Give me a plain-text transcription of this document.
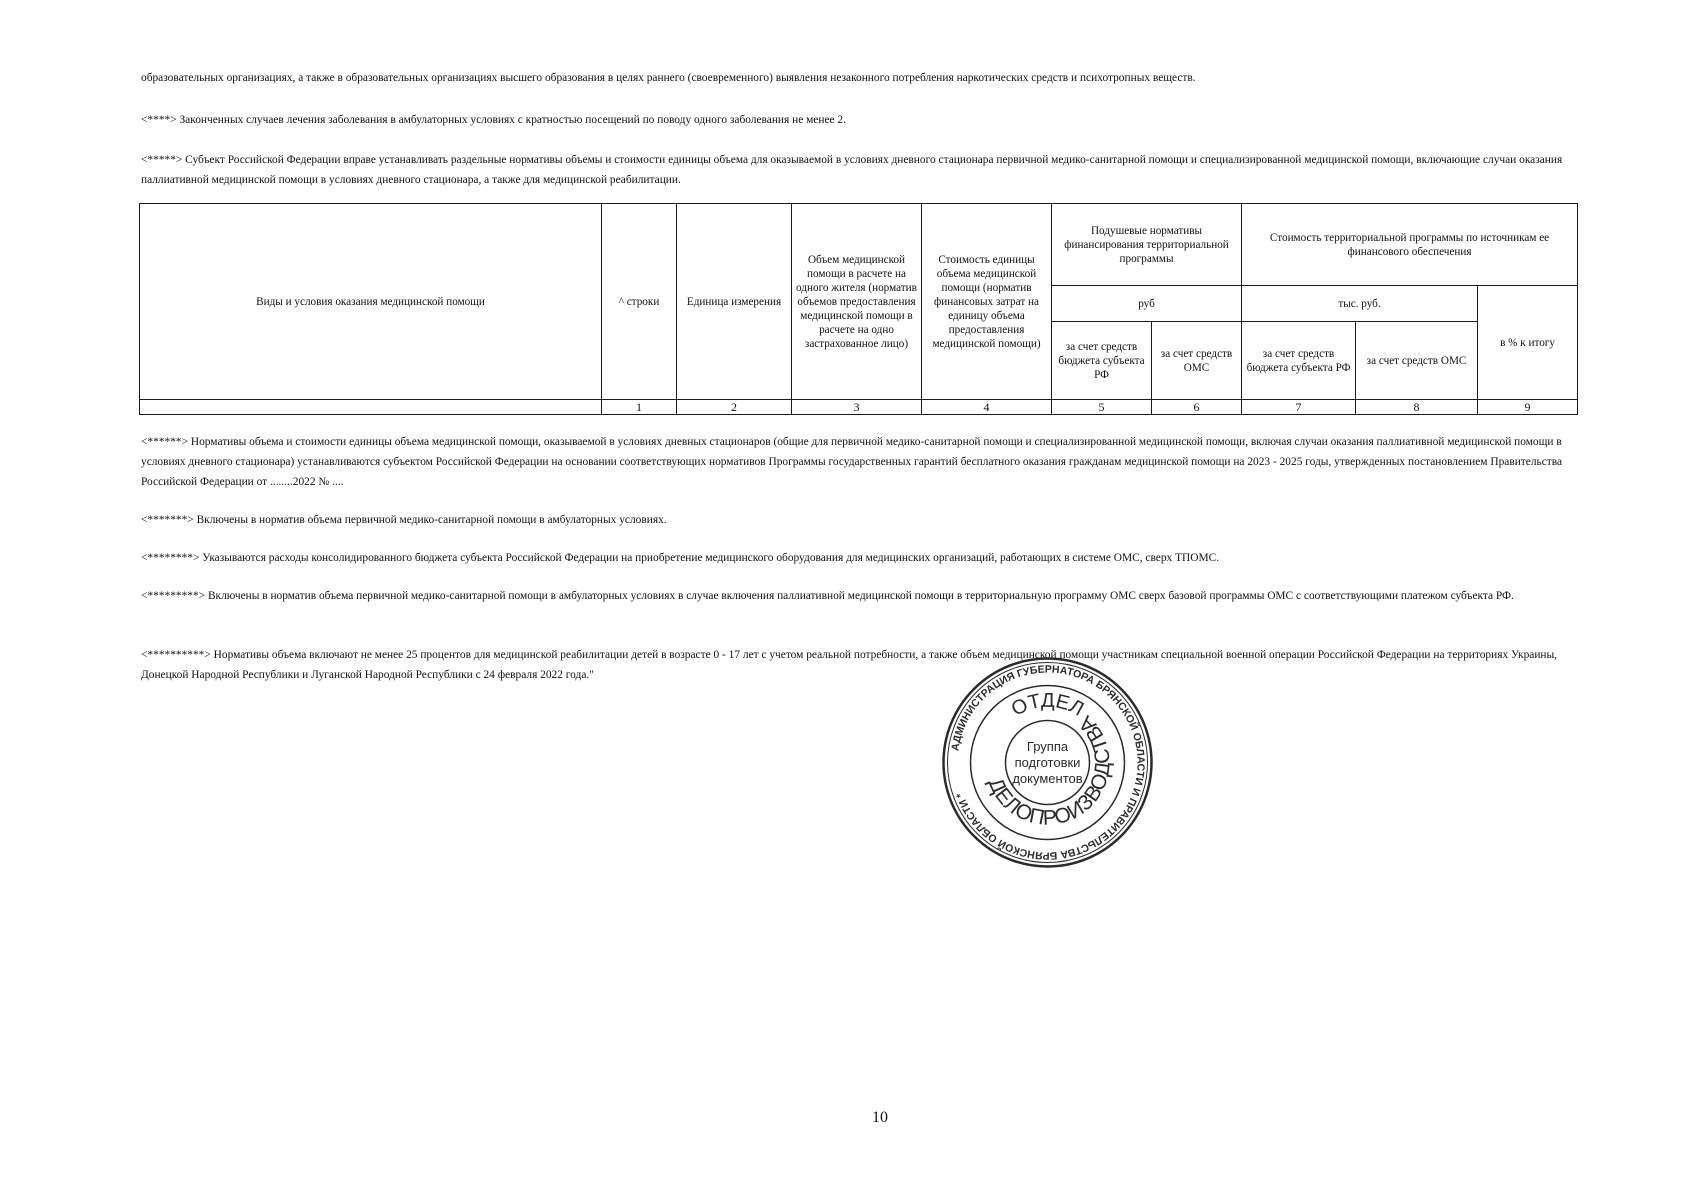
образовательных организациях, а также в образовательных организациях высшего образования в целях раннего (своевременного) выявления незаконного потребления наркотических средств и психотропных веществ.

<****> Законченных случаев лечения заболевания в амбулаторных условиях с кратностью посещений по поводу одного заболевания не менее 2.

<*****> Субъект Российской Федерации вправе устанавливать раздельные нормативы объемы и стоимости единицы объема для оказываемой в условиях дневного стационара первичной медико-санитарной помощи и специализированной медицинской помощи, включающие случаи оказания паллиативной медицинской помощи в условиях дневного стационара, а также для медицинской реабилитации.

Виды и условия оказания медицинской помощи	^ строки	Единица измерения	Объем медицинской помощи в расчете на одного жителя (норматив объемов предоставления медицинской помощи в расчете на одно застрахованное лицо)	Стоимость единицы объема медицинской помощи (норматив финансовых затрат на единицу объема предоставления медицинской помощи)	Подушевые нормативы финансирования территориальной программы		Стоимость территориальной программы по источникам ее финансового обеспечения		
					руб		тыс. руб.		в % к итогу
					за счет средств бюджета субъекта РФ	за счет средств ОМС	за счет средств бюджета субъекта РФ	за счет средств ОМС	
	1	2	3	4	5	6	7	8	9

<******> Нормативы объема и стоимости единицы объема медицинской помощи, оказываемой в условиях дневных стационаров (общие для первичной медико-санитарной помощи и специализированной медицинской помощи, включая случаи оказания паллиативной медицинской помощи в условиях дневного стационара) устанавливаются субъектом Российской Федерации на основании соответствующих нормативов Программы государственных гарантий бесплатного оказания гражданам медицинской помощи на 2023 - 2025 годы, утвержденных постановлением Правительства Российской Федерации от ........2022 № ....

<*******> Включены в норматив объема первичной медико-санитарной помощи в амбулаторных условиях.

<********> Указываются расходы консолидированного бюджета субъекта Российской Федерации на приобретение медицинского оборудования для медицинских организаций, работающих в системе ОМС, сверх ТПОМС.

<*********> Включены в норматив объема первичной медико-санитарной помощи в амбулаторных условиях в случае включения паллиативной медицинской помощи в территориальную программу ОМС сверх базовой программы ОМС с соответствующими платежом субъекта РФ.

<**********> Нормативы объема включают не менее 25 процентов для медицинской реабилитации детей в возрасте 0 - 17 лет с учетом реальной потребности, а также объем медицинской помощи участникам специальной военной операции Российской Федерации на территориях Украины, Донецкой Народной Республики и Луганской Народной Республики с 24 февраля 2022 года."

АДМИНИСТРАЦИЯ ГУБЕРНАТОРА БРЯНСКОЙ ОБЛАСТИ И ПРАВИТЕЛЬСТВА БРЯНСКОЙ ОБЛАСТИ * ДЕЛОПРОИЗВОДСТВА
ОТДЕЛ
Группа
подготовки
документов
10
